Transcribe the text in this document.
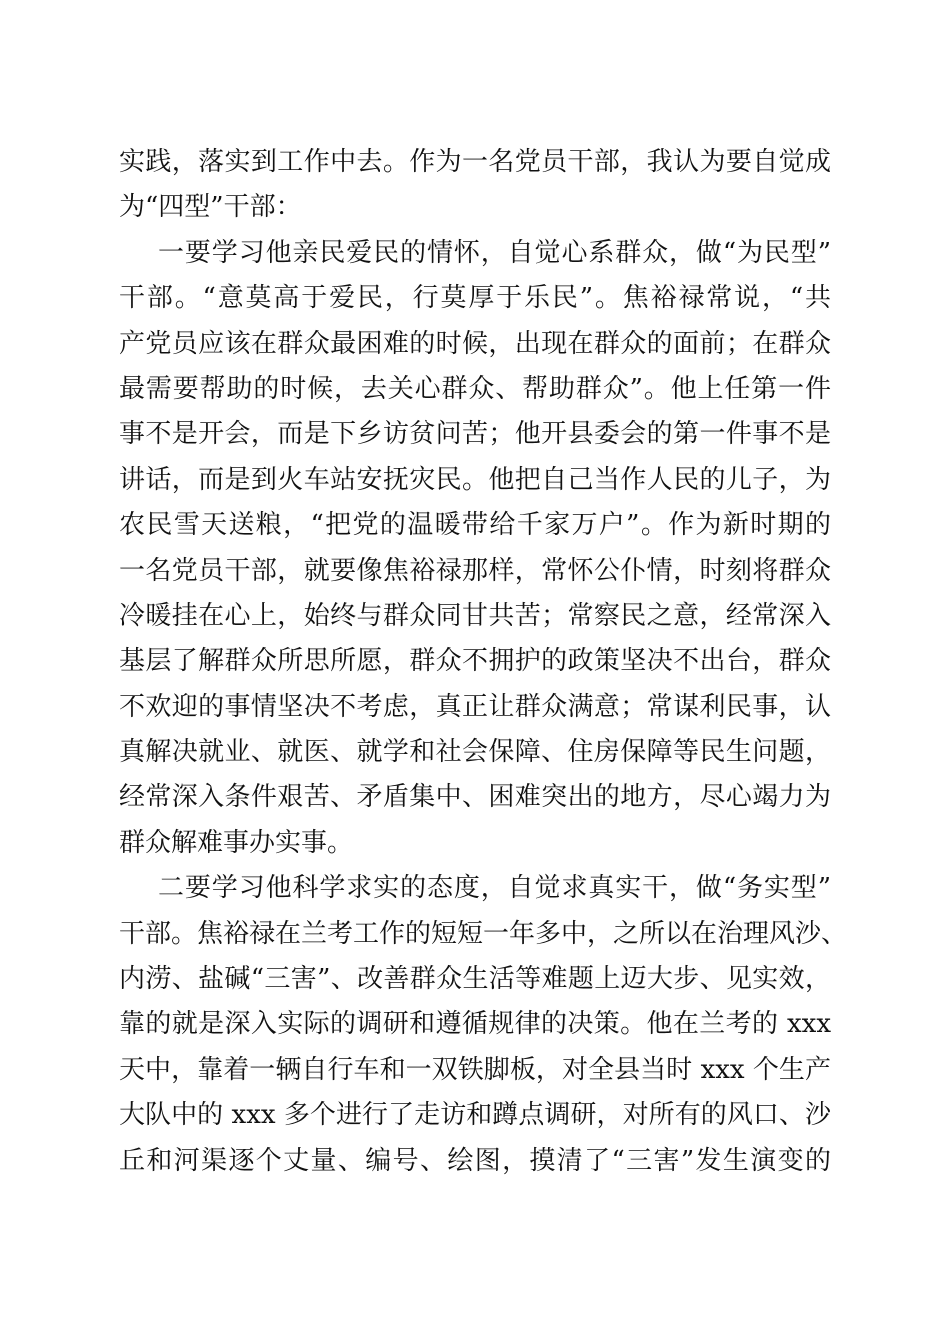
实践，落实到工作中去。作为一名党员干部，我认为要自觉成
为“四型”干部：
一要学习他亲民爱民的情怀，自觉心系群众，做“为民型”
干部。“意莫高于爱民，行莫厚于乐民”。焦裕禄常说，“共
产党员应该在群众最困难的时候，出现在群众的面前；在群众
最需要帮助的时候，去关心群众、帮助群众”。他上任第一件
事不是开会，而是下乡访贫问苦；他开县委会的第一件事不是
讲话，而是到火车站安抚灾民。他把自己当作人民的儿子，为
农民雪天送粮，“把党的温暖带给千家万户”。作为新时期的
一名党员干部，就要像焦裕禄那样，常怀公仆情，时刻将群众
冷暖挂在心上，始终与群众同甘共苦；常察民之意，经常深入
基层了解群众所思所愿，群众不拥护的政策坚决不出台，群众
不欢迎的事情坚决不考虑，真正让群众满意；常谋利民事，认
真解决就业、就医、就学和社会保障、住房保障等民生问题，
经常深入条件艰苦、矛盾集中、困难突出的地方，尽心竭力为
群众解难事办实事。
二要学习他科学求实的态度，自觉求真实干，做“务实型”
干部。焦裕禄在兰考工作的短短一年多中，之所以在治理风沙、
内涝、盐碱“三害”、改善群众生活等难题上迈大步、见实效，
靠的就是深入实际的调研和遵循规律的决策。他在兰考的 xxx
天中，靠着一辆自行车和一双铁脚板，对全县当时 xxx 个生产
大队中的 xxx 多个进行了走访和蹲点调研，对所有的风口、沙
丘和河渠逐个丈量、编号、绘图，摸清了“三害”发生演变的
